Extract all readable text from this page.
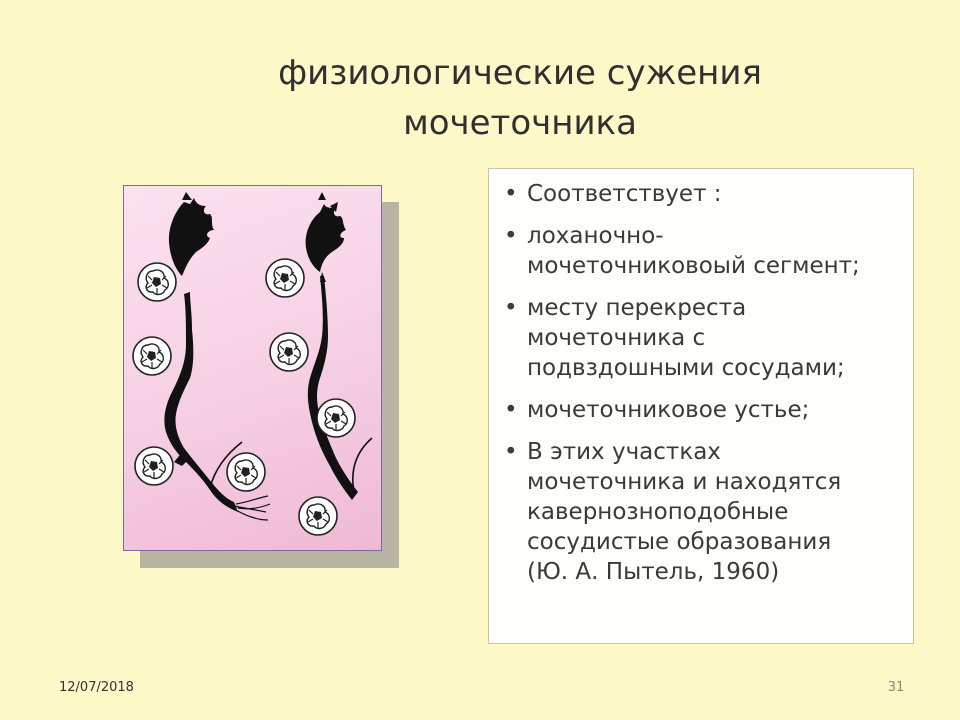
физиологические сужения
мочеточника
• Соответствует :
• лоханочно-
мочеточниковоый сегмент;
• месту перекреста
мочеточника с
подвздошными сосудами;
• мочеточниковое устье;
• В этих участках
мочеточника и находятся
кавернозноподобные
сосудистые образования
(Ю. А. Пытель, 1960)
12/07/2018	31
